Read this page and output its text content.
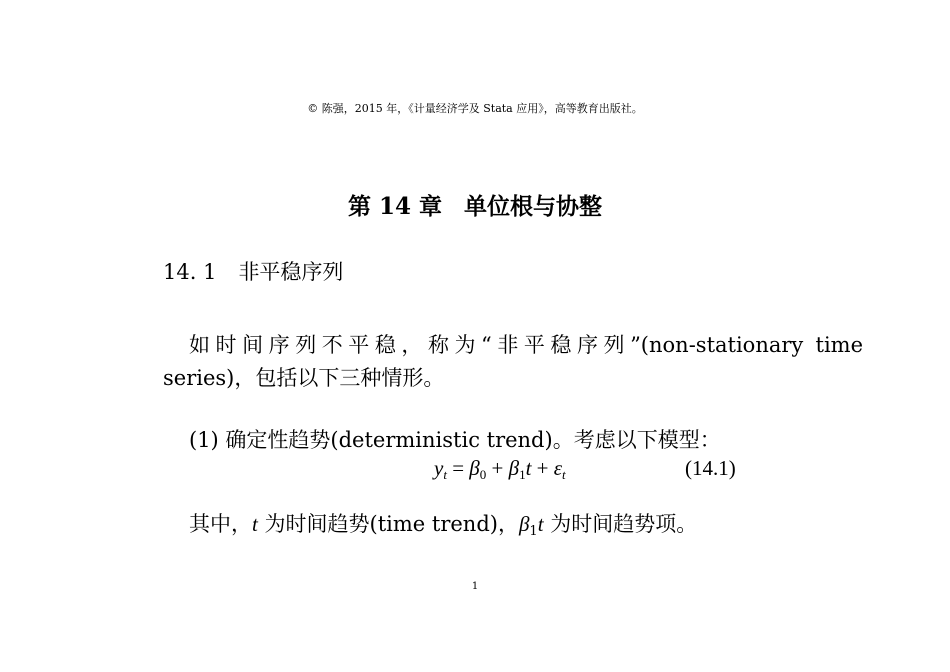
© 陈强，2015 年，《计量经济学及 Stata 应用》，高等教育出版社。
第 14 章 单位根与协整
14. 1 非平稳序列
如时间序列不平稳，称为“非平稳序列”(non-stationary time
series)，包括以下三种情形。
(1) 确定性趋势(deterministic trend)。考虑以下模型：
$y_t = \beta_0 + \beta_1t + \varepsilon_t$	(14.1)
其中，t 为时间趋势(time trend)，$\beta_1t$ 为时间趋势项。
1
